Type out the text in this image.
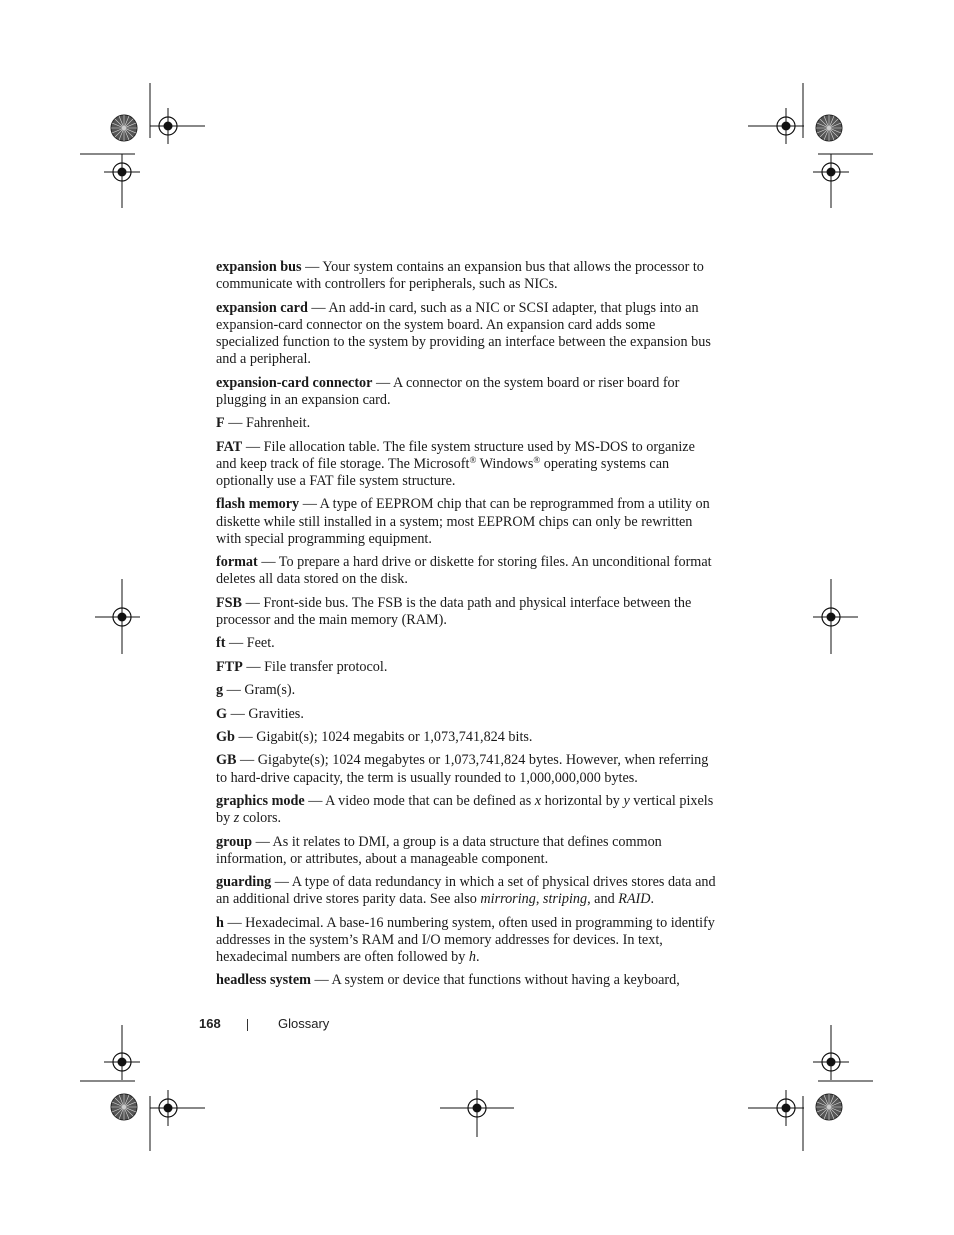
expansion bus — Your system contains an expansion bus that allows the processor to communicate with controllers for peripherals, such as NICs.

expansion card — An add-in card, such as a NIC or SCSI adapter, that plugs into an expansion-card connector on the system board. An expansion card adds some specialized function to the system by providing an interface between the expansion bus and a peripheral.

expansion-card connector — A connector on the system board or riser board for plugging in an expansion card.

F — Fahrenheit.

FAT — File allocation table. The file system structure used by MS-DOS to organize and keep track of file storage. The Microsoft® Windows® operating systems can optionally use a FAT file system structure.

flash memory — A type of EEPROM chip that can be reprogrammed from a utility on diskette while still installed in a system; most EEPROM chips can only be rewritten with special programming equipment.

format — To prepare a hard drive or diskette for storing files. An unconditional format deletes all data stored on the disk.

FSB — Front-side bus. The FSB is the data path and physical interface between the processor and the main memory (RAM).

ft — Feet.

FTP — File transfer protocol.

g — Gram(s).

G — Gravities.

Gb — Gigabit(s); 1024 megabits or 1,073,741,824 bits.

GB — Gigabyte(s); 1024 megabytes or 1,073,741,824 bytes. However, when referring to hard-drive capacity, the term is usually rounded to 1,000,000,000 bytes.

graphics mode — A video mode that can be defined as x horizontal by y vertical pixels by z colors.

group — As it relates to DMI, a group is a data structure that defines common information, or attributes, about a manageable component.

guarding — A type of data redundancy in which a set of physical drives stores data and an additional drive stores parity data. See also mirroring, striping, and RAID.

h — Hexadecimal. A base-16 numbering system, often used in programming to identify addresses in the system’s RAM and I/O memory addresses for devices. In text, hexadecimal numbers are often followed by h.

headless system — A system or device that functions without having a keyboard,

168	Glossary
